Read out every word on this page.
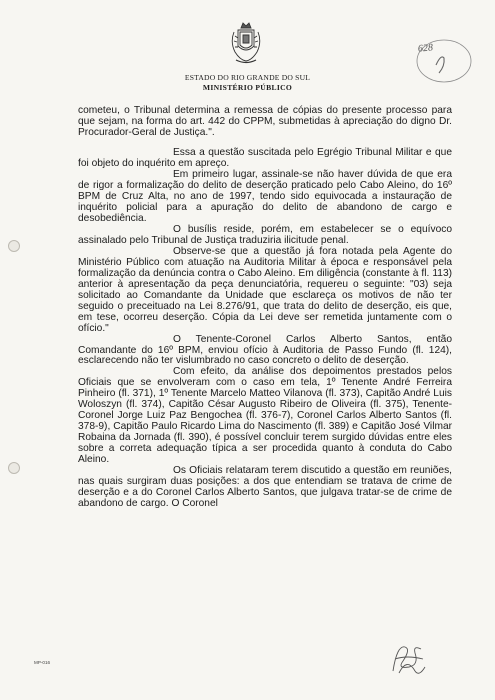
ESTADO DO RIO GRANDE DO SUL
MINISTÉRIO PÚBLICO
628

cometeu, o Tribunal determina a remessa de cópias do presente processo para que sejam, na forma do art. 442 do CPPM, submetidas à apreciação do digno Dr. Procurador-Geral de Justiça.".

Essa a questão suscitada pelo Egrégio Tribunal Militar e que foi objeto do inquérito em apreço.

Em primeiro lugar, assinale-se não haver dúvida de que era de rigor a formalização do delito de deserção praticado pelo Cabo Aleino, do 16º BPM de Cruz Alta, no ano de 1997, tendo sido equivocada a instauração de inquérito policial para a apuração do delito de abandono de cargo e desobediência.

O busílis reside, porém, em estabelecer se o equívoco assinalado pelo Tribunal de Justiça traduziria ilicitude penal.

Observe-se que a questão já fora notada pela Agente do Ministério Público com atuação na Auditoria Militar à época e responsável pela formalização da denúncia contra o Cabo Aleino. Em diligência (constante à fl. 113) anterior à apresentação da peça denunciatória, requereu o seguinte: "03) seja solicitado ao Comandante da Unidade que esclareça os motivos de não ter seguido o preceituado na Lei 8.276/91, que trata do delito de deserção, eis que, em tese, ocorreu deserção. Cópia da Lei deve ser remetida juntamente com o ofício."

O Tenente-Coronel Carlos Alberto Santos, então Comandante do 16º BPM, enviou ofício à Auditoria de Passo Fundo (fl. 124), esclarecendo não ter vislumbrado no caso concreto o delito de deserção.

Com efeito, da análise dos depoimentos prestados pelos Oficiais que se envolveram com o caso em tela, 1º Tenente André Ferreira Pinheiro (fl. 371), 1º Tenente Marcelo Matteo Vilanova (fl. 373), Capitão André Luis Woloszyn (fl. 374), Capitão César Augusto Ribeiro de Oliveira (fl. 375), Tenente-Coronel Jorge Luiz Paz Bengochea (fl. 376-7), Coronel Carlos Alberto Santos (fl. 378-9), Capitão Paulo Ricardo Lima do Nascimento (fl. 389) e Capitão José Vilmar Robaina da Jornada (fl. 390), é possível concluir terem surgido dúvidas entre eles sobre a correta adequação típica a ser procedida quanto à conduta do Cabo Aleino.

Os Oficiais relataram terem discutido a questão em reuniões, nas quais surgiram duas posições: a dos que entendiam se tratava de crime de deserção e a do Coronel Carlos Alberto Santos, que julgava tratar-se de crime de abandono de cargo. O Coronel

MP-016
